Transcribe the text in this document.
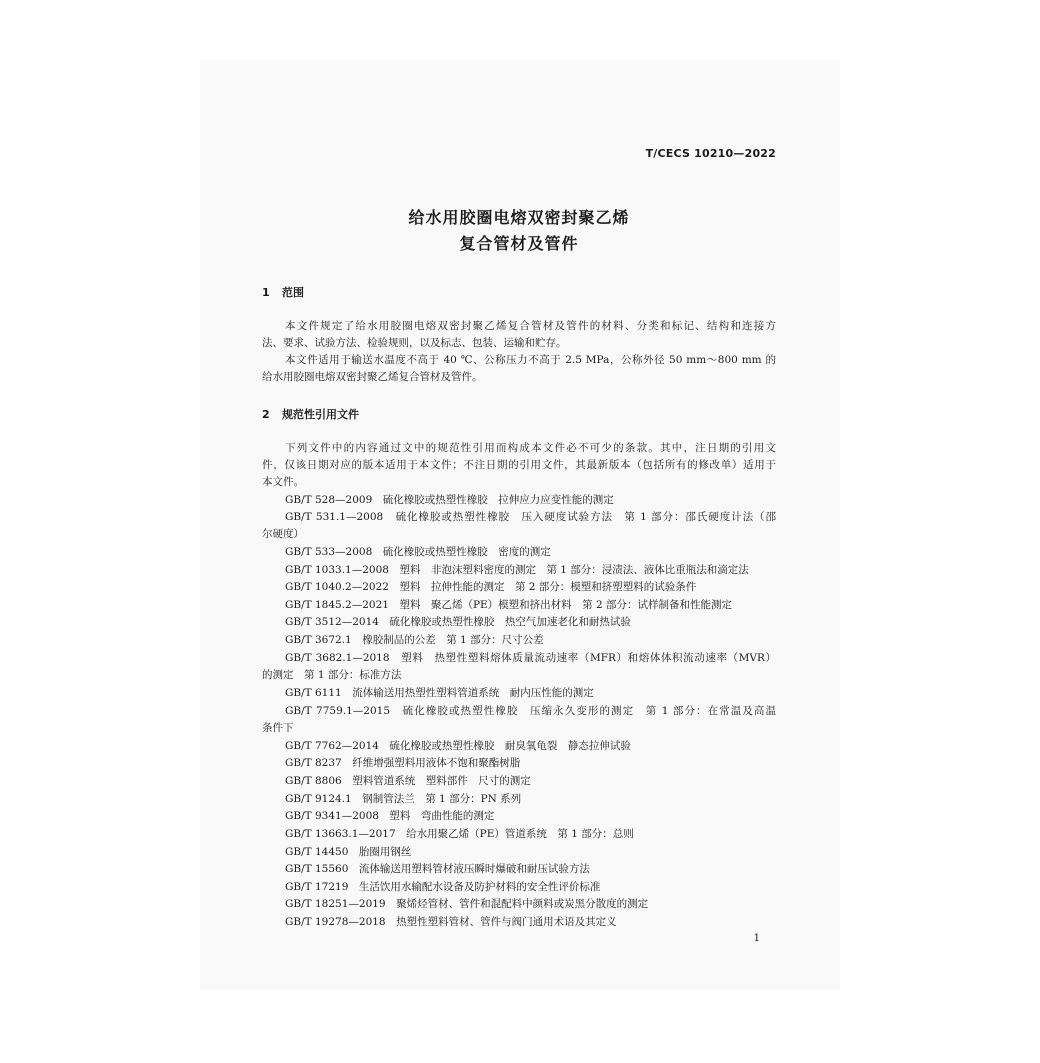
T/CECS 10210—2022
给水用胶圈电熔双密封聚乙烯
复合管材及管件
1 范围
本文件规定了给水用胶圈电熔双密封聚乙烯复合管材及管件的材料、分类和标记、结构和连接方
法、要求、试验方法、检验规则，以及标志、包装、运输和贮存。
本文件适用于输送水温度不高于 40 ℃、公称压力不高于 2.5 MPa，公称外径 50 mm～800 mm 的
给水用胶圈电熔双密封聚乙烯复合管材及管件。
2 规范性引用文件
下列文件中的内容通过文中的规范性引用而构成本文件必不可少的条款。其中，注日期的引用文
件，仅该日期对应的版本适用于本文件；不注日期的引用文件，其最新版本（包括所有的修改单）适用于
本文件。
GB/T 528—2009　硫化橡胶或热塑性橡胶　拉伸应力应变性能的测定
GB/T 531.1—2008　硫化橡胶或热塑性橡胶　压入硬度试验方法　第 1 部分：邵氏硬度计法（邵
尔硬度）
GB/T 533—2008　硫化橡胶或热塑性橡胶　密度的测定
GB/T 1033.1—2008　塑料　非泡沫塑料密度的测定　第 1 部分：浸渍法、液体比重瓶法和滴定法
GB/T 1040.2—2022　塑料　拉伸性能的测定　第 2 部分：模塑和挤塑塑料的试验条件
GB/T 1845.2—2021　塑料　聚乙烯（PE）模塑和挤出材料　第 2 部分：试样制备和性能测定
GB/T 3512—2014　硫化橡胶或热塑性橡胶　热空气加速老化和耐热试验
GB/T 3672.1　橡胶制品的公差　第 1 部分：尺寸公差
GB/T 3682.1—2018　塑料　热塑性塑料熔体质量流动速率（MFR）和熔体体积流动速率（MVR）
的测定　第 1 部分：标准方法
GB/T 6111　流体输送用热塑性塑料管道系统　耐内压性能的测定
GB/T 7759.1—2015　硫化橡胶或热塑性橡胶　压缩永久变形的测定　第 1 部分：在常温及高温
条件下
GB/T 7762—2014　硫化橡胶或热塑性橡胶　耐臭氧龟裂　静态拉伸试验
GB/T 8237　纤维增强塑料用液体不饱和聚酯树脂
GB/T 8806　塑料管道系统　塑料部件　尺寸的测定
GB/T 9124.1　钢制管法兰　第 1 部分：PN 系列
GB/T 9341—2008　塑料　弯曲性能的测定
GB/T 13663.1—2017　给水用聚乙烯（PE）管道系统　第 1 部分：总则
GB/T 14450　胎圈用钢丝
GB/T 15560　流体输送用塑料管材液压瞬时爆破和耐压试验方法
GB/T 17219　生活饮用水输配水设备及防护材料的安全性评价标准
GB/T 18251—2019　聚烯烃管材、管件和混配料中颜料或炭黑分散度的测定
GB/T 19278—2018　热塑性塑料管材、管件与阀门通用术语及其定义
1
